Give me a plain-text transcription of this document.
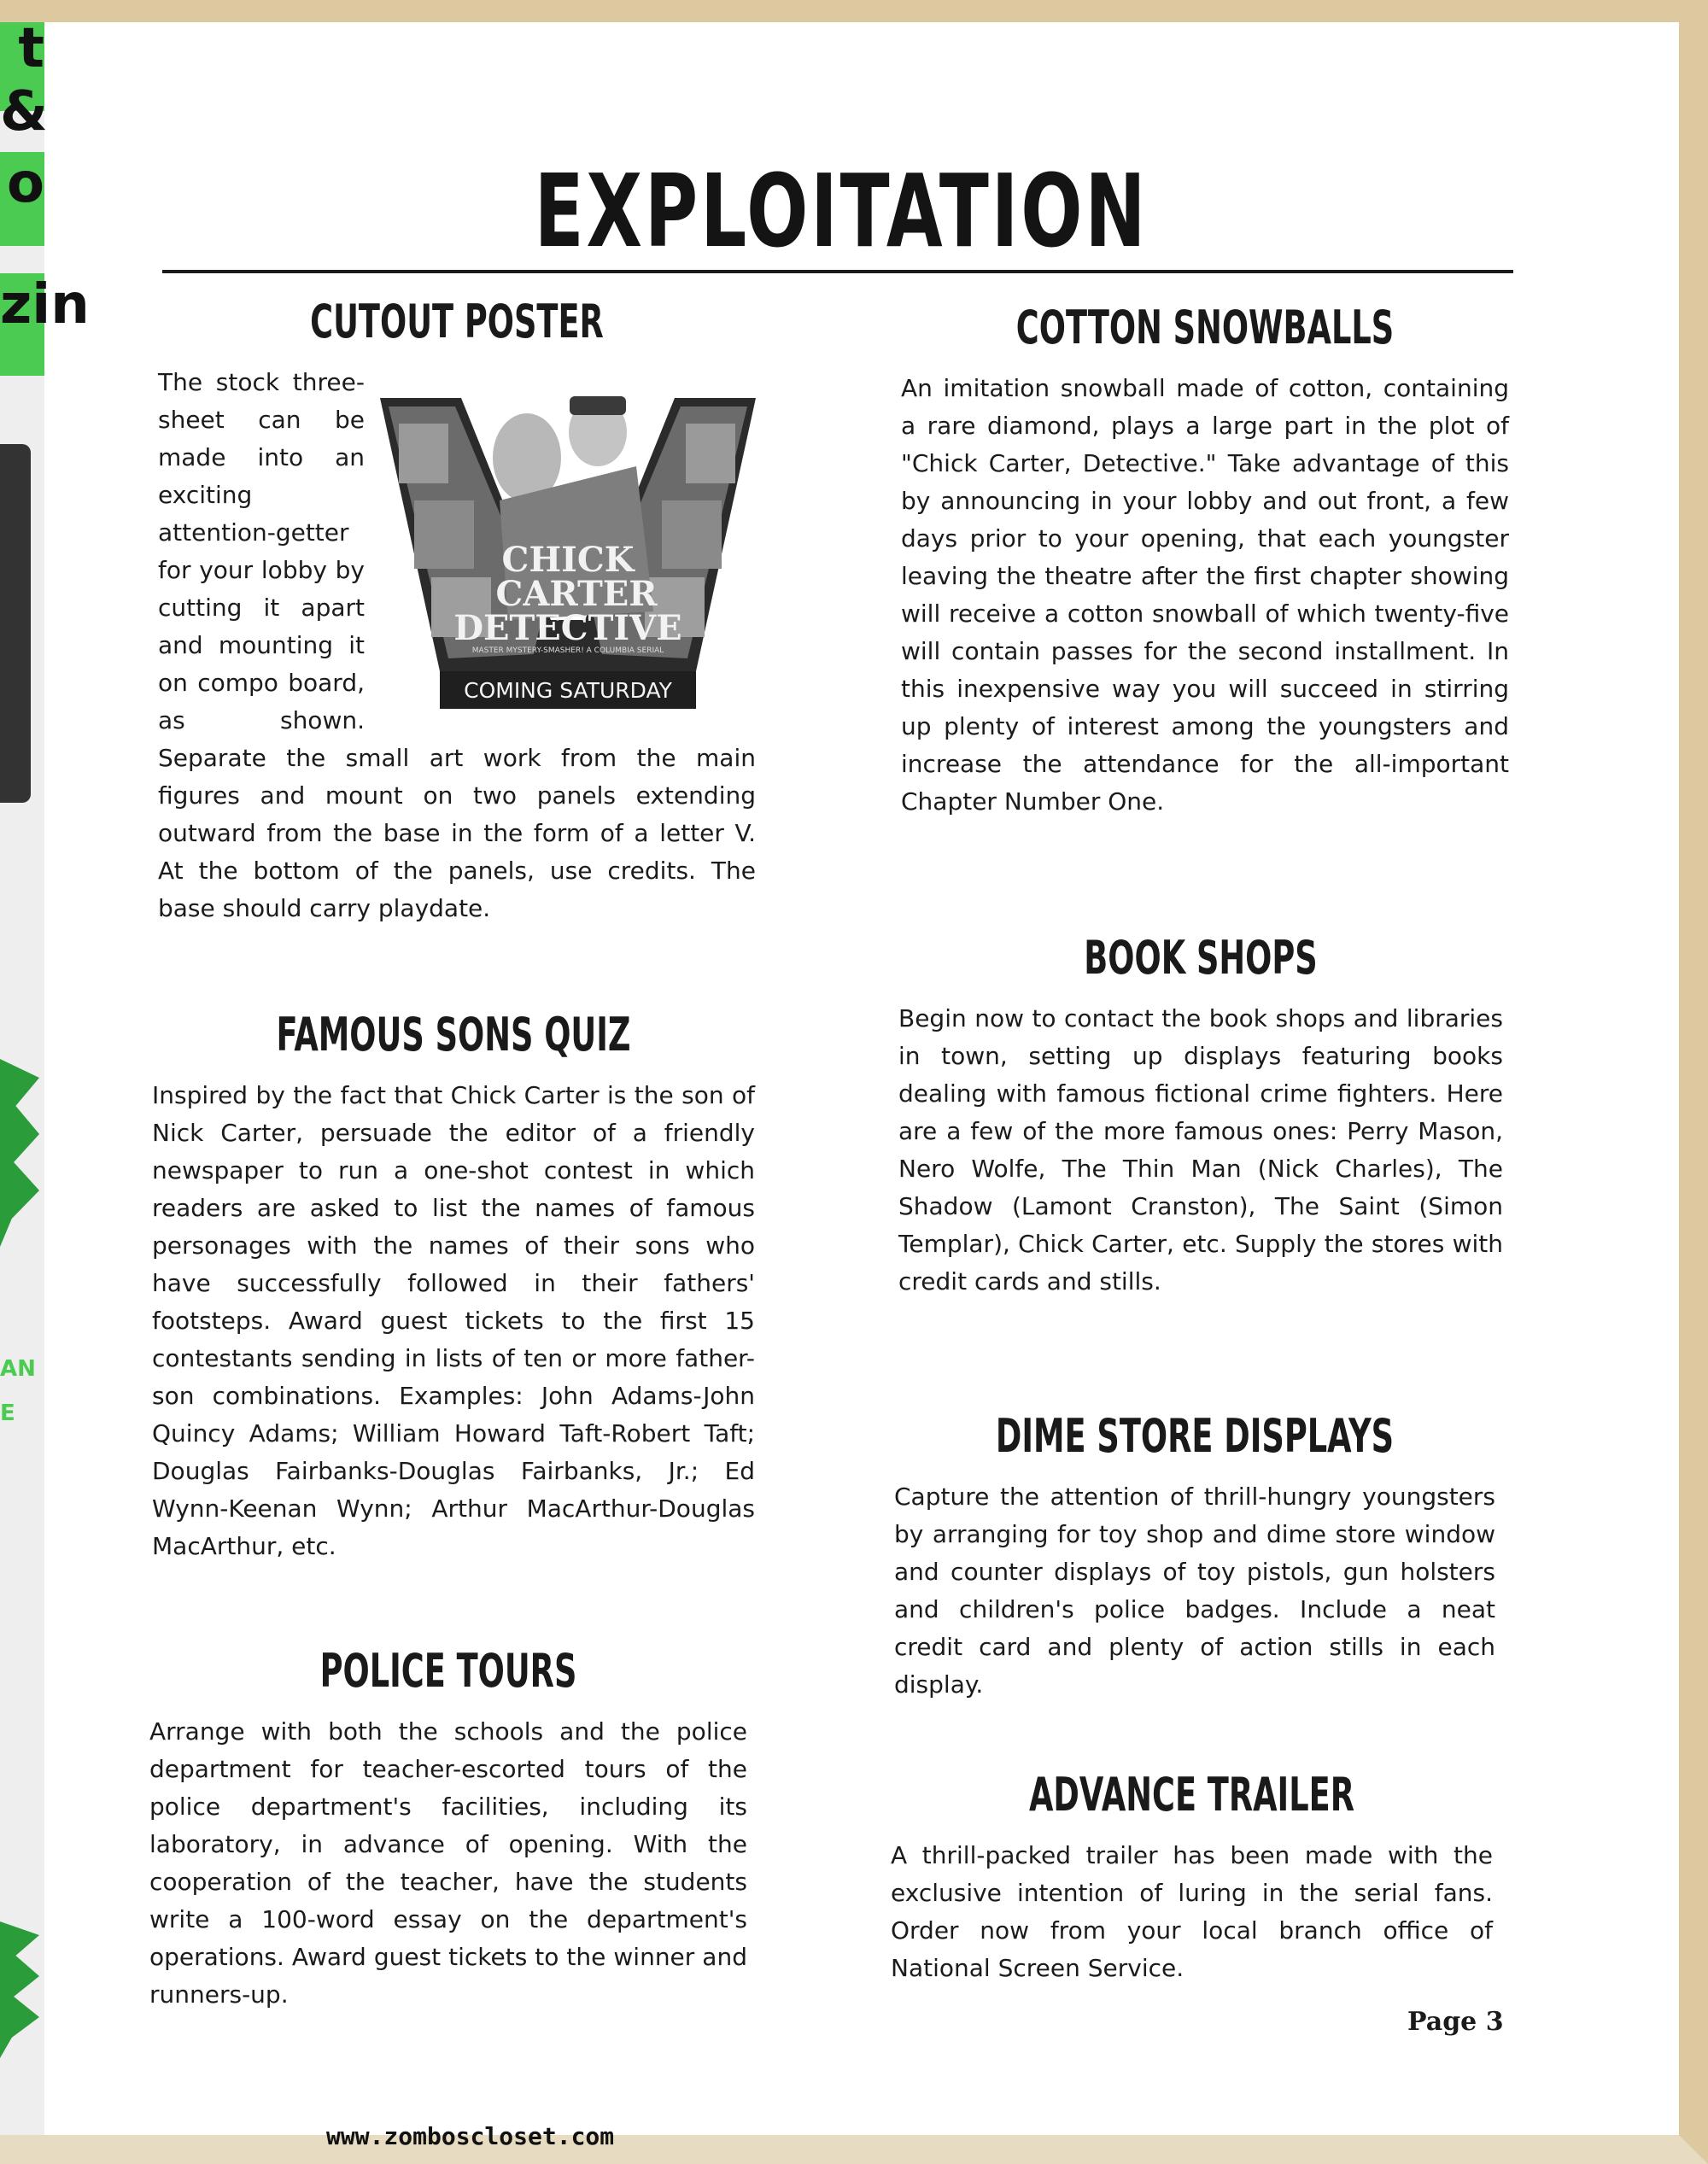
t &
o
zin
AN
E
EXPLOITATION
CUTOUT POSTER
CHICK
CARTER
DETECTIVE
MASTER MYSTERY-SMASHER! A COLUMBIA SERIAL
COMING SATURDAY
The stock three-sheet can be made into an exciting attention-getter for your lobby by cutting it apart and mounting it on compo board, as shown. Separate the small art work from the main figures and mount on two panels extending outward from the base in the form of a letter V. At the bottom of the panels, use credits. The base should carry playdate.
COTTON SNOWBALLS
An imitation snowball made of cotton, containing a rare diamond, plays a large part in the plot of "Chick Carter, Detective." Take advantage of this by announcing in your lobby and out front, a few days prior to your opening, that each youngster leaving the theatre after the first chapter showing will receive a cotton snowball of which twenty-five will contain passes for the second installment. In this inexpensive way you will succeed in stirring up plenty of interest among the youngsters and increase the attendance for the all-important Chapter Number One.
BOOK SHOPS
Begin now to contact the book shops and libraries in town, setting up displays featuring books dealing with famous fictional crime fighters. Here are a few of the more famous ones: Perry Mason, Nero Wolfe, The Thin Man (Nick Charles), The Shadow (Lamont Cranston), The Saint (Simon Templar), Chick Carter, etc. Supply the stores with credit cards and stills.
FAMOUS SONS QUIZ
Inspired by the fact that Chick Carter is the son of Nick Carter, persuade the editor of a friendly newspaper to run a one-shot contest in which readers are asked to list the names of famous personages with the names of their sons who have successfully followed in their fathers' footsteps. Award guest tickets to the first 15 contestants sending in lists of ten or more father-son combinations. Examples: John Adams-John Quincy Adams; William Howard Taft-Robert Taft; Douglas Fairbanks-Douglas Fairbanks, Jr.; Ed Wynn-Keenan Wynn; Arthur MacArthur-Douglas MacArthur, etc.
DIME STORE DISPLAYS
Capture the attention of thrill-hungry youngsters by arranging for toy shop and dime store window and counter displays of toy pistols, gun holsters and children's police badges. Include a neat credit card and plenty of action stills in each display.
POLICE TOURS
Arrange with both the schools and the police department for teacher-escorted tours of the police department's facilities, including its laboratory, in advance of opening. With the cooperation of the teacher, have the students write a 100-word essay on the department's operations. Award guest tickets to the winner and runners-up.
ADVANCE TRAILER
A thrill-packed trailer has been made with the exclusive intention of luring in the serial fans. Order now from your local branch office of National Screen Service.
Page 3
www.zomboscloset.com
